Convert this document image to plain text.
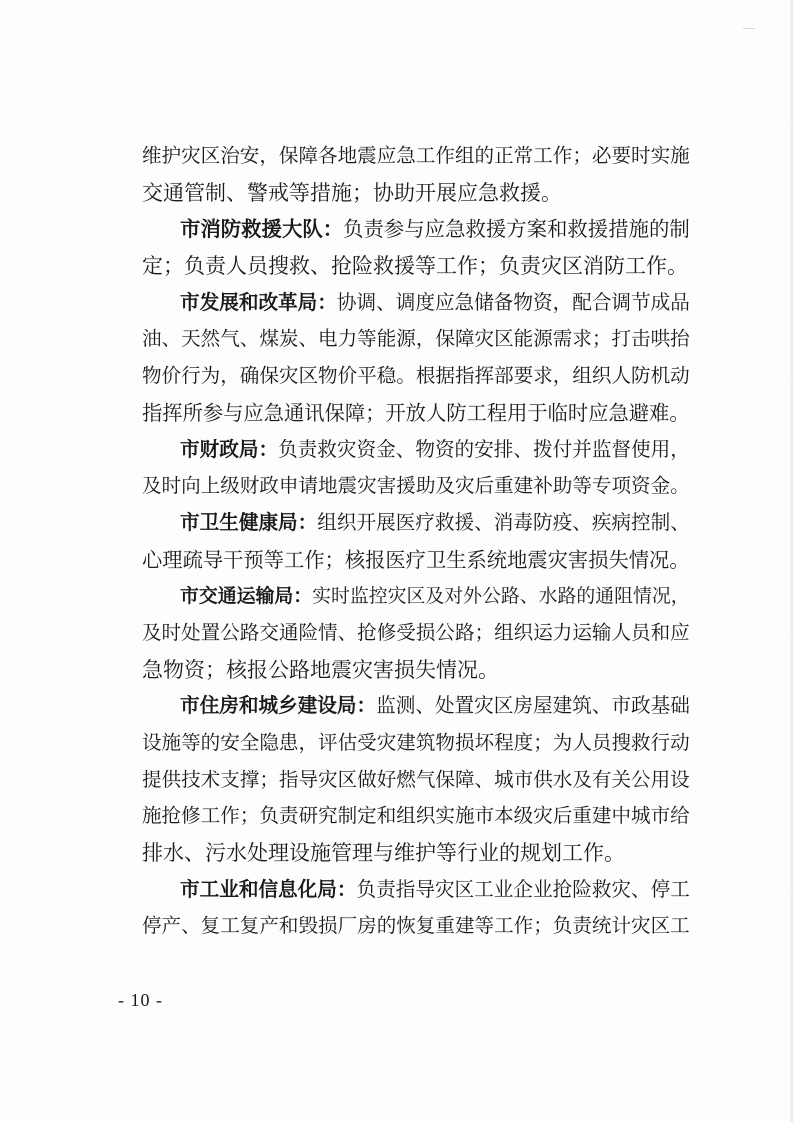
维护灾区治安，保障各地震应急工作组的正常工作；必要时实施
交通管制、警戒等措施；协助开展应急救援。
市消防救援大队：负责参与应急救援方案和救援措施的制
定；负责人员搜救、抢险救援等工作；负责灾区消防工作。
市发展和改革局：协调、调度应急储备物资，配合调节成品
油、天然气、煤炭、电力等能源，保障灾区能源需求；打击哄抬
物价行为，确保灾区物价平稳。根据指挥部要求，组织人防机动
指挥所参与应急通讯保障；开放人防工程用于临时应急避难。
市财政局：负责救灾资金、物资的安排、拨付并监督使用，
及时向上级财政申请地震灾害援助及灾后重建补助等专项资金。
市卫生健康局：组织开展医疗救援、消毒防疫、疾病控制、
心理疏导干预等工作；核报医疗卫生系统地震灾害损失情况。
市交通运输局：实时监控灾区及对外公路、水路的通阻情况，
及时处置公路交通险情、抢修受损公路；组织运力运输人员和应
急物资；核报公路地震灾害损失情况。
市住房和城乡建设局：监测、处置灾区房屋建筑、市政基础
设施等的安全隐患，评估受灾建筑物损坏程度；为人员搜救行动
提供技术支撑；指导灾区做好燃气保障、城市供水及有关公用设
施抢修工作；负责研究制定和组织实施市本级灾后重建中城市给
排水、污水处理设施管理与维护等行业的规划工作。
市工业和信息化局：负责指导灾区工业企业抢险救灾、停工
停产、复工复产和毁损厂房的恢复重建等工作；负责统计灾区工
- 10 -
